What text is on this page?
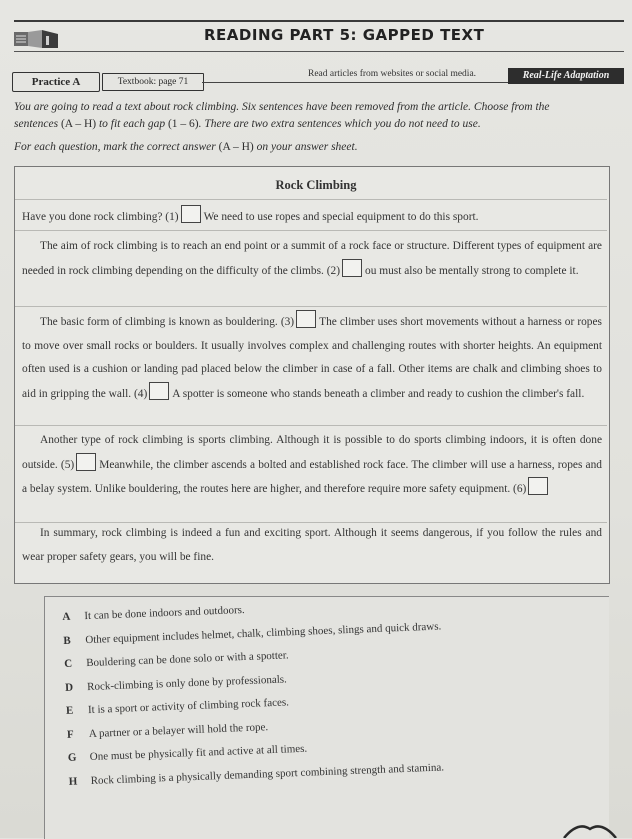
READING PART 5: GAPPED TEXT
Practice A	Textbook: page 71
Read articles from websites or social media.	Real-Life Adaptation
You are going to read a text about rock climbing. Six sentences have been removed from the article. Choose from the
sentences (A – H) to fit each gap (1 – 6). There are two extra sentences which you do not need to use.
For each question, mark the correct answer (A – H) on your answer sheet.
Rock Climbing
Have you done rock climbing? (1) We need to use ropes and special equipment to do this sport.
The aim of rock climbing is to reach an end point or a summit of a rock face or structure. Different types of equipment are needed in rock climbing depending on the difficulty of the climbs. (2) ou must also be mentally strong to complete it.
The basic form of climbing is known as bouldering. (3) The climber uses short movements without a harness or ropes to move over small rocks or boulders. It usually involves complex and challenging routes with shorter heights. An equipment often used is a cushion or landing pad placed below the climber in case of a fall. Other items are chalk and climbing shoes to aid in gripping the wall. (4) A spotter is someone who stands beneath a climber and ready to cushion the climber's fall.
Another type of rock climbing is sports climbing. Although it is possible to do sports climbing indoors, it is often done outside. (5) Meanwhile, the climber ascends a bolted and established rock face. The climber will use a harness, ropes and a belay system. Unlike bouldering, the routes here are higher, and therefore require more safety equipment. (6)
In summary, rock climbing is indeed a fun and exciting sport. Although it seems dangerous, if you follow the rules and wear proper safety gears, you will be fine.
A It can be done indoors and outdoors.
B Other equipment includes helmet, chalk, climbing shoes, slings and quick draws.
C Bouldering can be done solo or with a spotter.
D Rock-climbing is only done by professionals.
E It is a sport or activity of climbing rock faces.
F A partner or a belayer will hold the rope.
G One must be physically fit and active at all times.
H Rock climbing is a physically demanding sport combining strength and stamina.
